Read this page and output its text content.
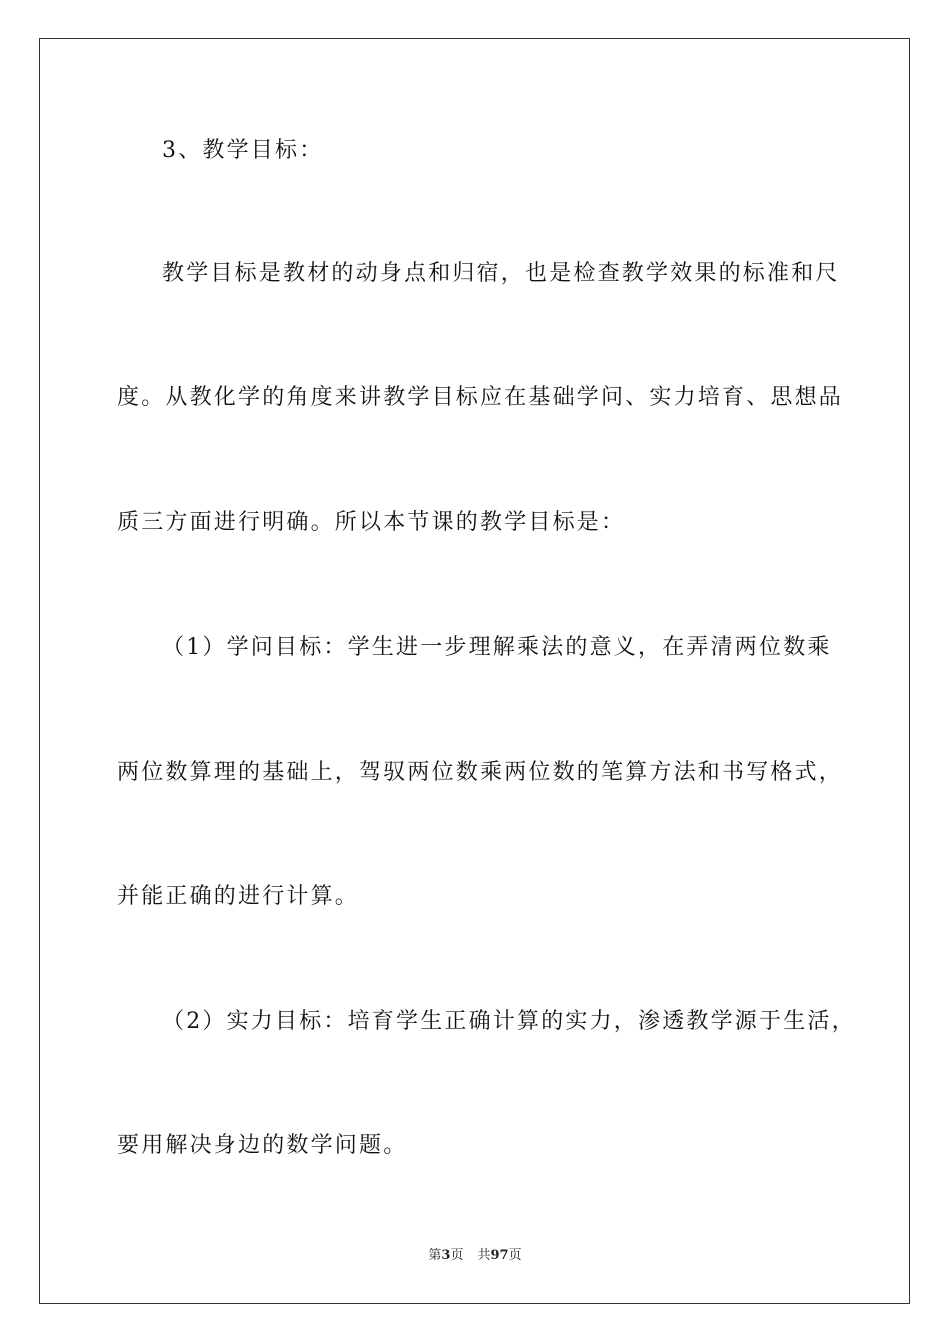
3、教学目标：
教学目标是教材的动身点和归宿，也是检查教学效果的标准和尺
度。从教化学的角度来讲教学目标应在基础学问、实力培育、思想品
质三方面进行明确。所以本节课的教学目标是：
（1）学问目标：学生进一步理解乘法的意义，在弄清两位数乘
两位数算理的基础上，驾驭两位数乘两位数的笔算方法和书写格式，
并能正确的进行计算。
（2）实力目标：培育学生正确计算的实力，渗透教学源于生活，
要用解决身边的数学问题。
第3页 共97页
